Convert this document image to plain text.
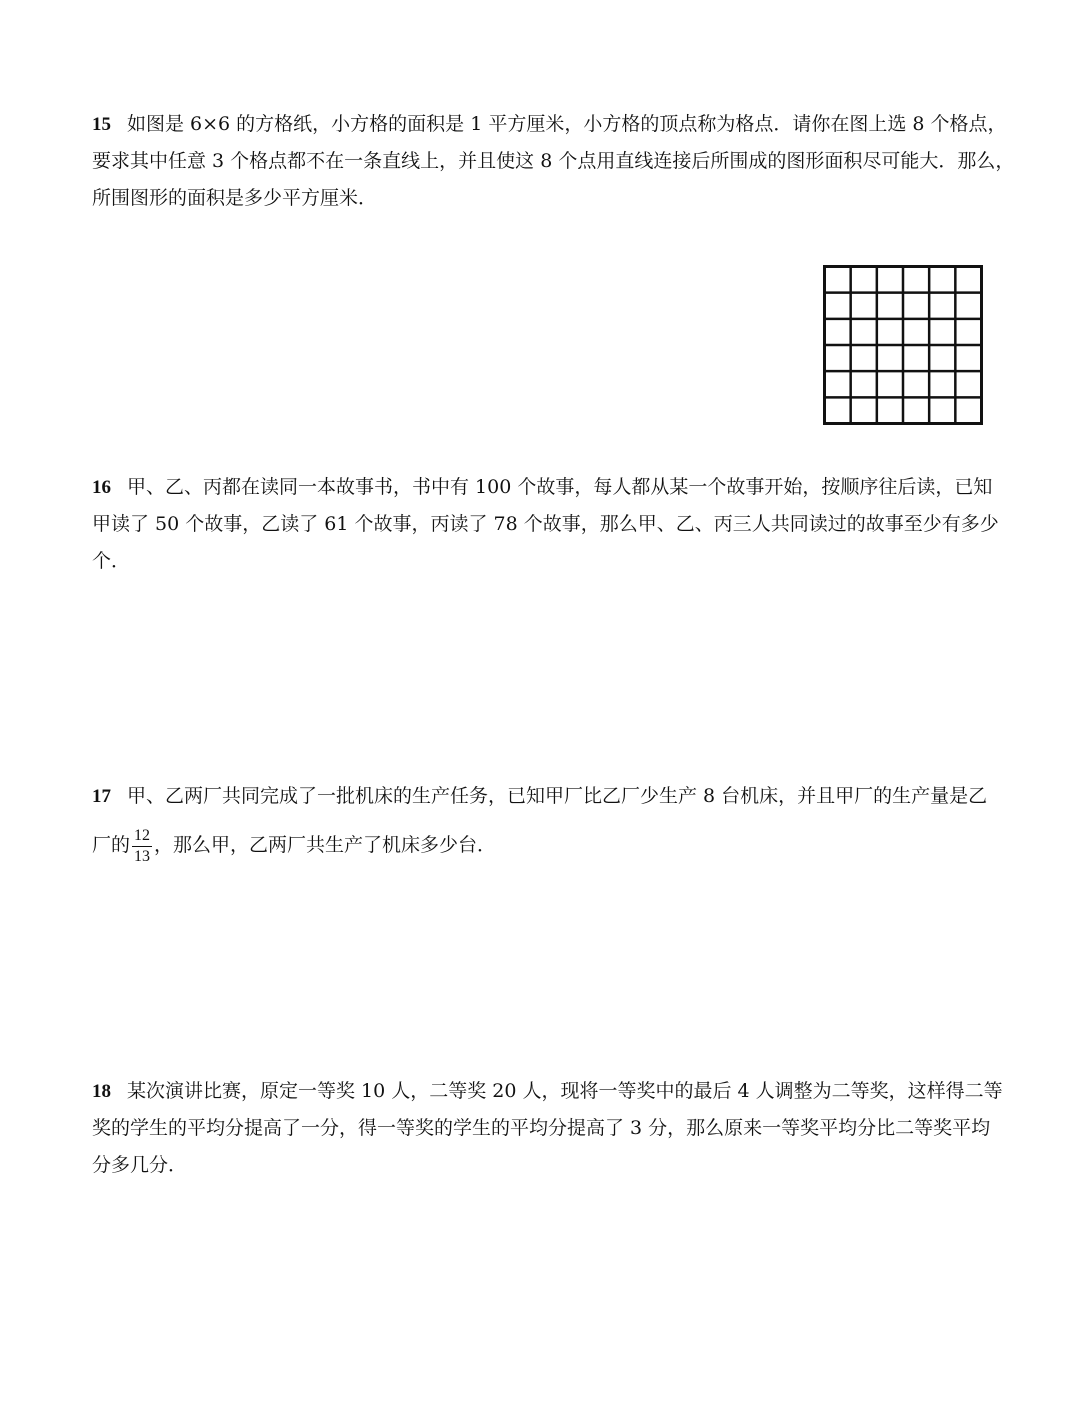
15 如图是 6×6 的方格纸，小方格的面积是 1 平方厘米，小方格的顶点称为格点．请你在图上选 8 个格点，
要求其中任意 3 个格点都不在一条直线上，并且使这 8 个点用直线连接后所围成的图形面积尽可能大．那么，
所围图形的面积是多少平方厘米．
16 甲、乙、丙都在读同一本故事书，书中有 100 个故事，每人都从某一个故事开始，按顺序往后读，已知
甲读了 50 个故事，乙读了 61 个故事，丙读了 78 个故事，那么甲、乙、丙三人共同读过的故事至少有多少
个．
17 甲、乙两厂共同完成了一批机床的生产任务，已知甲厂比乙厂少生产 8 台机床，并且甲厂的生产量是乙
厂的 $\frac{12}{13}$ ，那么甲，乙两厂共生产了机床多少台．
18 某次演讲比赛，原定一等奖 10 人，二等奖 20 人，现将一等奖中的最后 4 人调整为二等奖，这样得二等
奖的学生的平均分提高了一分，得一等奖的学生的平均分提高了 3 分，那么原来一等奖平均分比二等奖平均
分多几分．
